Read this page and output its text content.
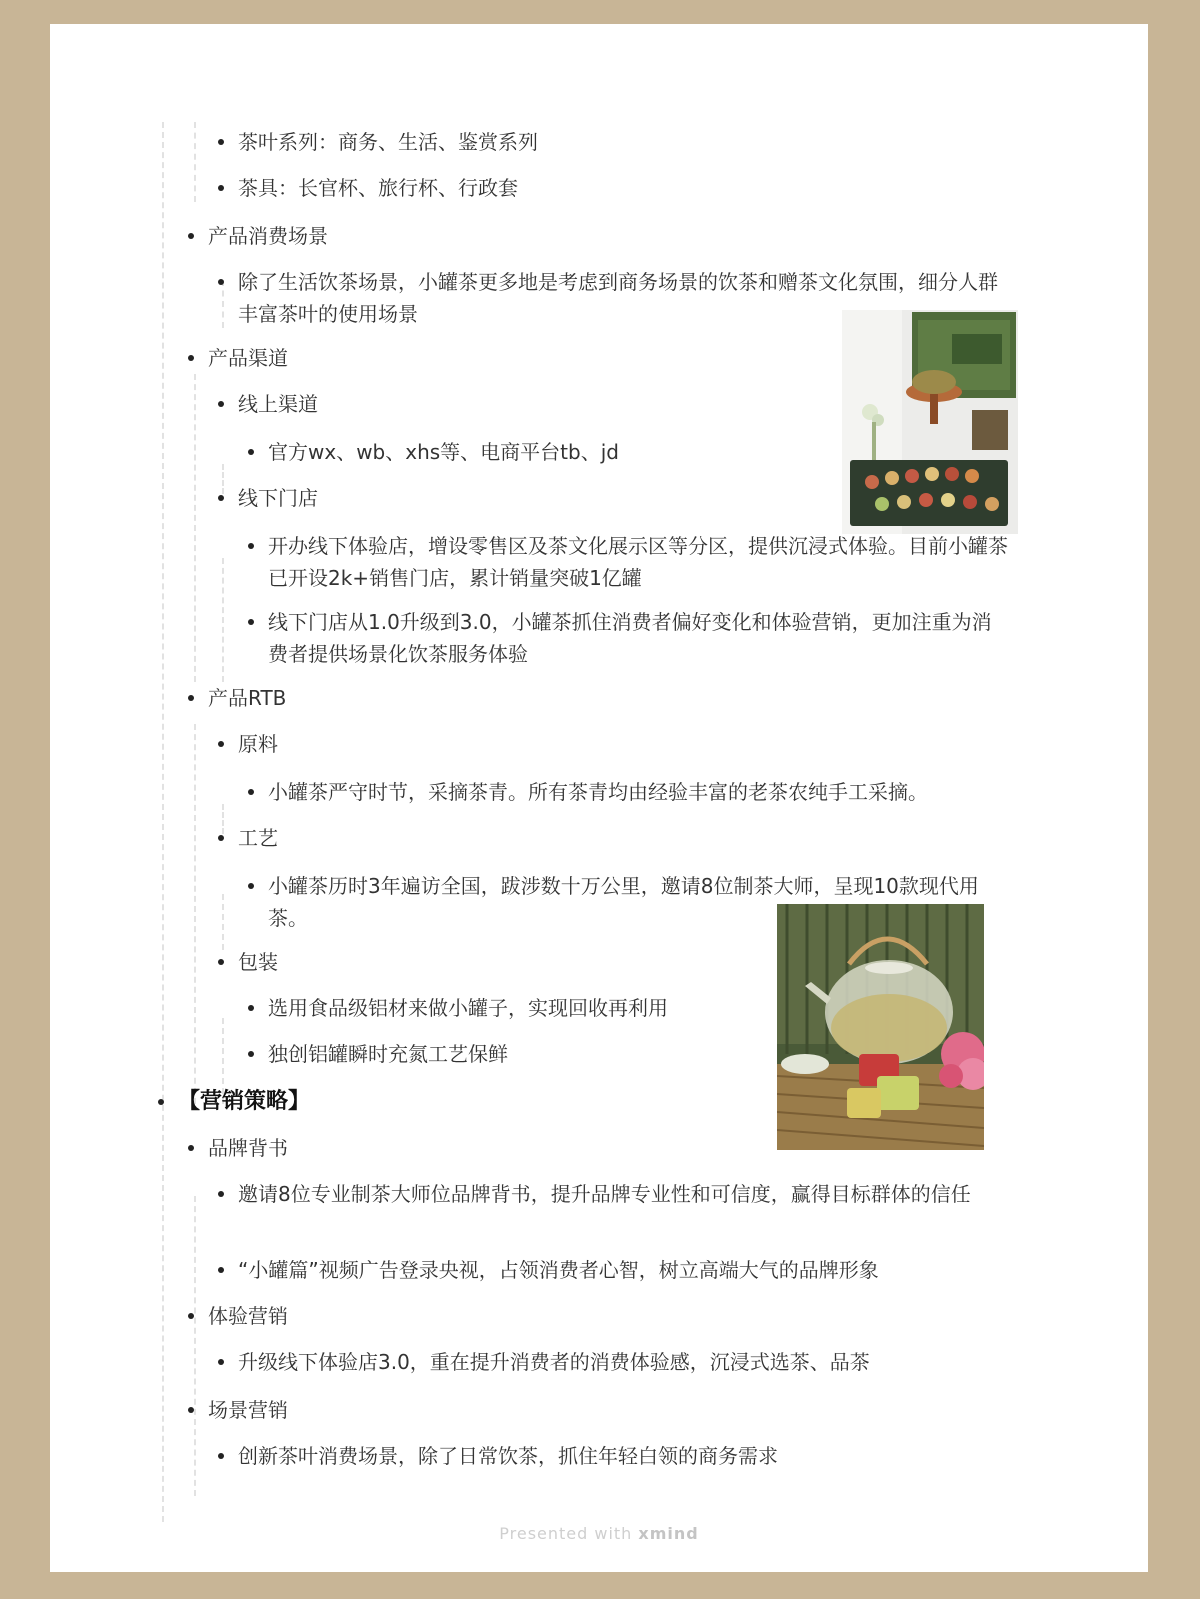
茶叶系列：商务、生活、鉴赏系列
茶具：长官杯、旅行杯、行政套
产品消费场景
除了生活饮茶场景，小罐茶更多地是考虑到商务场景的饮茶和赠茶文化氛围，细分人群丰富茶叶的使用场景
产品渠道
线上渠道
官方wx、wb、xhs等、电商平台tb、jd
线下门店
开办线下体验店，增设零售区及茶文化展示区等分区，提供沉浸式体验。目前小罐茶已开设2k+销售门店，累计销量突破1亿罐
线下门店从1.0升级到3.0，小罐茶抓住消费者偏好变化和体验营销，更加注重为消费者提供场景化饮茶服务体验
产品RTB
原料
小罐茶严守时节，采摘茶青。所有茶青均由经验丰富的老茶农纯手工采摘。
工艺
小罐茶历时3年遍访全国，跋涉数十万公里，邀请8位制茶大师，呈现10款现代用茶。
包装
选用食品级铝材来做小罐子，实现回收再利用
独创铝罐瞬时充氮工艺保鲜
【营销策略】
品牌背书
邀请8位专业制茶大师位品牌背书，提升品牌专业性和可信度，赢得目标群体的信任
“小罐篇”视频广告登录央视，占领消费者心智，树立高端大气的品牌形象
体验营销
升级线下体验店3.0，重在提升消费者的消费体验感，沉浸式选茶、品茶
场景营销
创新茶叶消费场景，除了日常饮茶，抓住年轻白领的商务需求
Presented with xmind
